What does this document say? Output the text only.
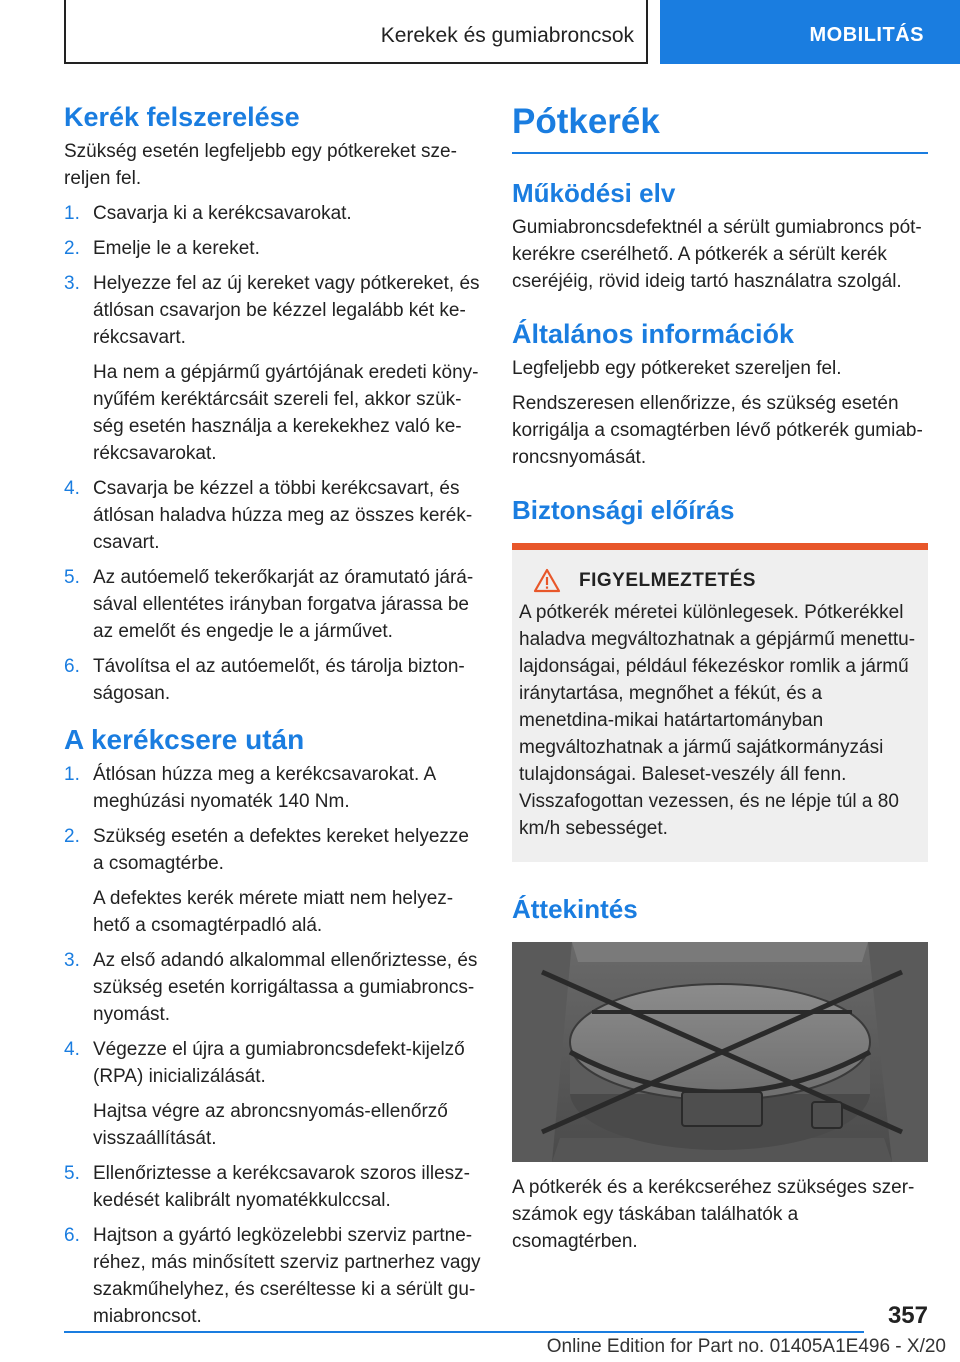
Kerekek és gumiabroncsok	MOBILITÁS
Kerék felszerelése

Szükség esetén legfeljebb egy pótkereket sze-reljen fel.

1. Csavarja ki a kerékcsavarokat.
2. Emelje le a kereket.
3. Helyezze fel az új kereket vagy pótkereket, és átlósan csavarjon be kézzel legalább két ke-rékcsavart.
Ha nem a gépjármű gyártójának eredeti köny-nyűfém keréktárcsáit szereli fel, akkor szük-ség esetén használja a kerekekhez való ke-rékcsavarokat.
4. Csavarja be kézzel a többi kerékcsavart, és átlósan haladva húzza meg az összes kerék-csavart.
5. Az autóemelő tekerőkarját az óramutató járá-sával ellentétes irányban forgatva járassa be az emelőt és engedje le a járművet.
6. Távolítsa el az autóemelőt, és tárolja bizton-ságosan.
A kerékcsere után
1. Átlósan húzza meg a kerékcsavarokat. A meghúzási nyomaték 140 Nm.
2. Szükség esetén a defektes kereket helyezze a csomagtérbe.
A defektes kerék mérete miatt nem helyez-hető a csomagtérpadló alá.
3. Az első adandó alkalommal ellenőriztesse, és szükség esetén korrigáltassa a gumiabroncs-nyomást.
4. Végezze el újra a gumiabroncsdefekt-kijelző (RPA) inicializálását.
Hajtsa végre az abroncsnyomás-ellenőrző visszaállítását.
5. Ellenőriztesse a kerékcsavarok szoros illesz-kedését kalibrált nyomatékkulccsal.
6. Hajtson a gyártó legközelebbi szerviz partne-réhez, más minősített szerviz partnerhez vagy szakműhelyhez, és cseréltesse ki a sérült gu-miabroncsot.
Pótkerék
Működési elv

Gumiabroncsdefektnél a sérült gumiabroncs pót-kerékre cserélhető. A pótkerék a sérült kerék cseréjéig, rövid ideig tartó használatra szolgál.

Általános információk

Legfeljebb egy pótkereket szereljen fel.

Rendszeresen ellenőrizze, és szükség esetén korrigálja a csomagtérben lévő pótkerék gumiab-roncsnyomását.

Biztonsági előírás
FIGYELMEZTETÉS

A pótkerék méretei különlegesek. Pótkerékkel haladva megváltozhatnak a gépjármű menettu-lajdonságai, például fékezéskor romlik a jármű iránytartása, megnőhet a fékút, és a menetdina-mikai határtartományban megváltozhatnak a jármű sajátkormányzási tulajdonságai. Baleset-veszély áll fenn. Visszafogottan vezessen, és ne lépje túl a 80 km/h sebességet.

Áttekintés

A pótkerék és a kerékcseréhez szükséges szer-számok egy táskában találhatók a csomagtérben.

357
Online Edition for Part no. 01405A1E496 - X/20
